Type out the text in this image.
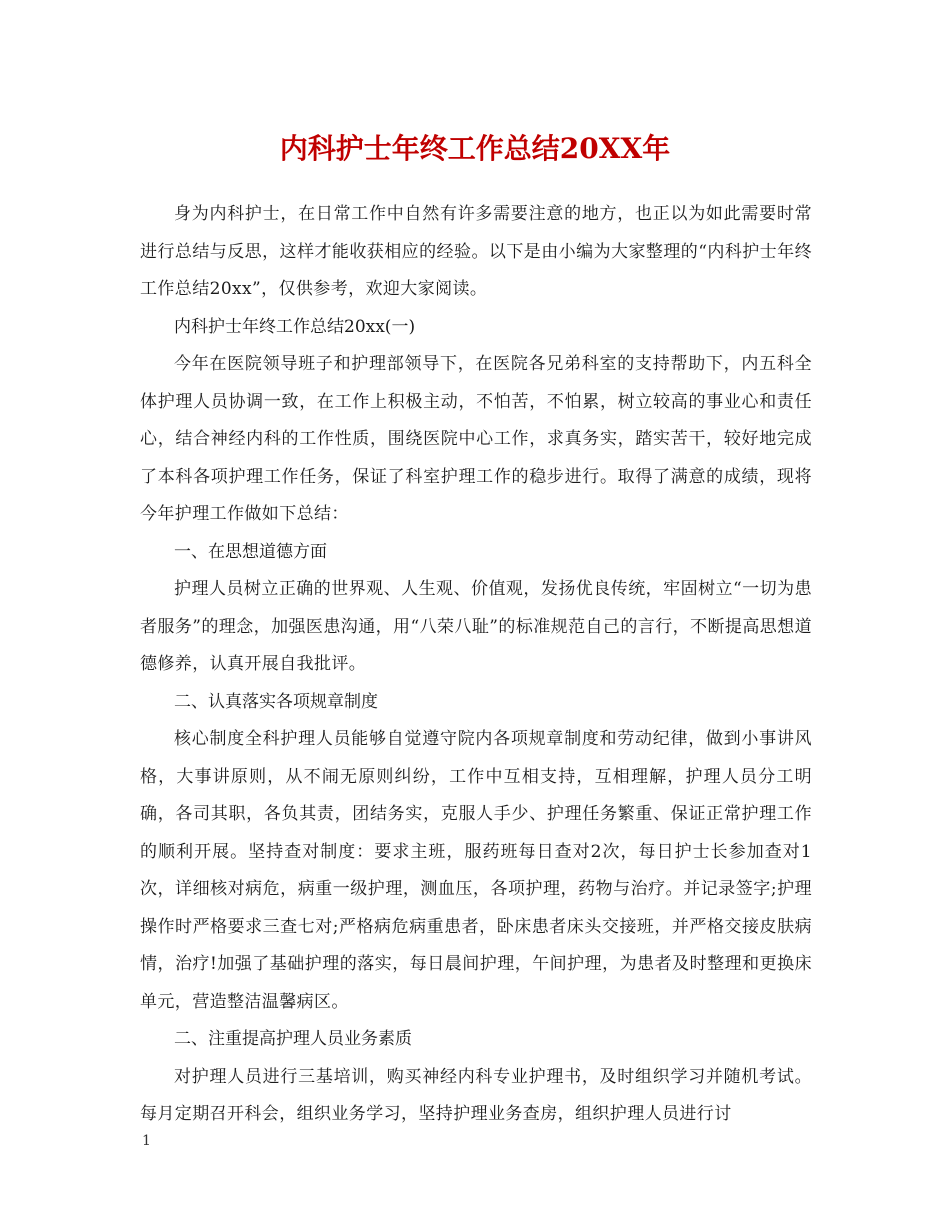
内科护士年终工作总结20XX年

身为内科护士，在日常工作中自然有许多需要注意的地方，也正以为如此需要时常进行总结与反思，这样才能收获相应的经验。以下是由小编为大家整理的“内科护士年终工作总结20xx”，仅供参考，欢迎大家阅读。

内科护士年终工作总结20xx(一)

今年在医院领导班子和护理部领导下，在医院各兄弟科室的支持帮助下，内五科全体护理人员协调一致，在工作上积极主动，不怕苦，不怕累，树立较高的事业心和责任心，结合神经内科的工作性质，围绕医院中心工作，求真务实，踏实苦干，较好地完成了本科各项护理工作任务，保证了科室护理工作的稳步进行。取得了满意的成绩，现将今年护理工作做如下总结：

一、在思想道德方面

护理人员树立正确的世界观、人生观、价值观，发扬优良传统，牢固树立“一切为患者服务”的理念，加强医患沟通，用“八荣八耻”的标准规范自己的言行，不断提高思想道德修养，认真开展自我批评。

二、认真落实各项规章制度

核心制度全科护理人员能够自觉遵守院内各项规章制度和劳动纪律，做到小事讲风格，大事讲原则，从不闹无原则纠纷，工作中互相支持，互相理解，护理人员分工明确，各司其职，各负其责，团结务实，克服人手少、护理任务繁重、保证正常护理工作的顺利开展。坚持查对制度：要求主班，服药班每日查对2次，每日护士长参加查对1次，详细核对病危，病重一级护理，测血压，各项护理，药物与治疗。并记录签字;护理操作时严格要求三查七对;严格病危病重患者，卧床患者床头交接班，并严格交接皮肤病情，治疗!加强了基础护理的落实，每日晨间护理，午间护理，为患者及时整理和更换床单元，营造整洁温馨病区。

二、注重提高护理人员业务素质

对护理人员进行三基培训，购买神经内科专业护理书，及时组织学习并随机考试。每月定期召开科会，组织业务学习，坚持护理业务查房，组织护理人员进行讨

1
